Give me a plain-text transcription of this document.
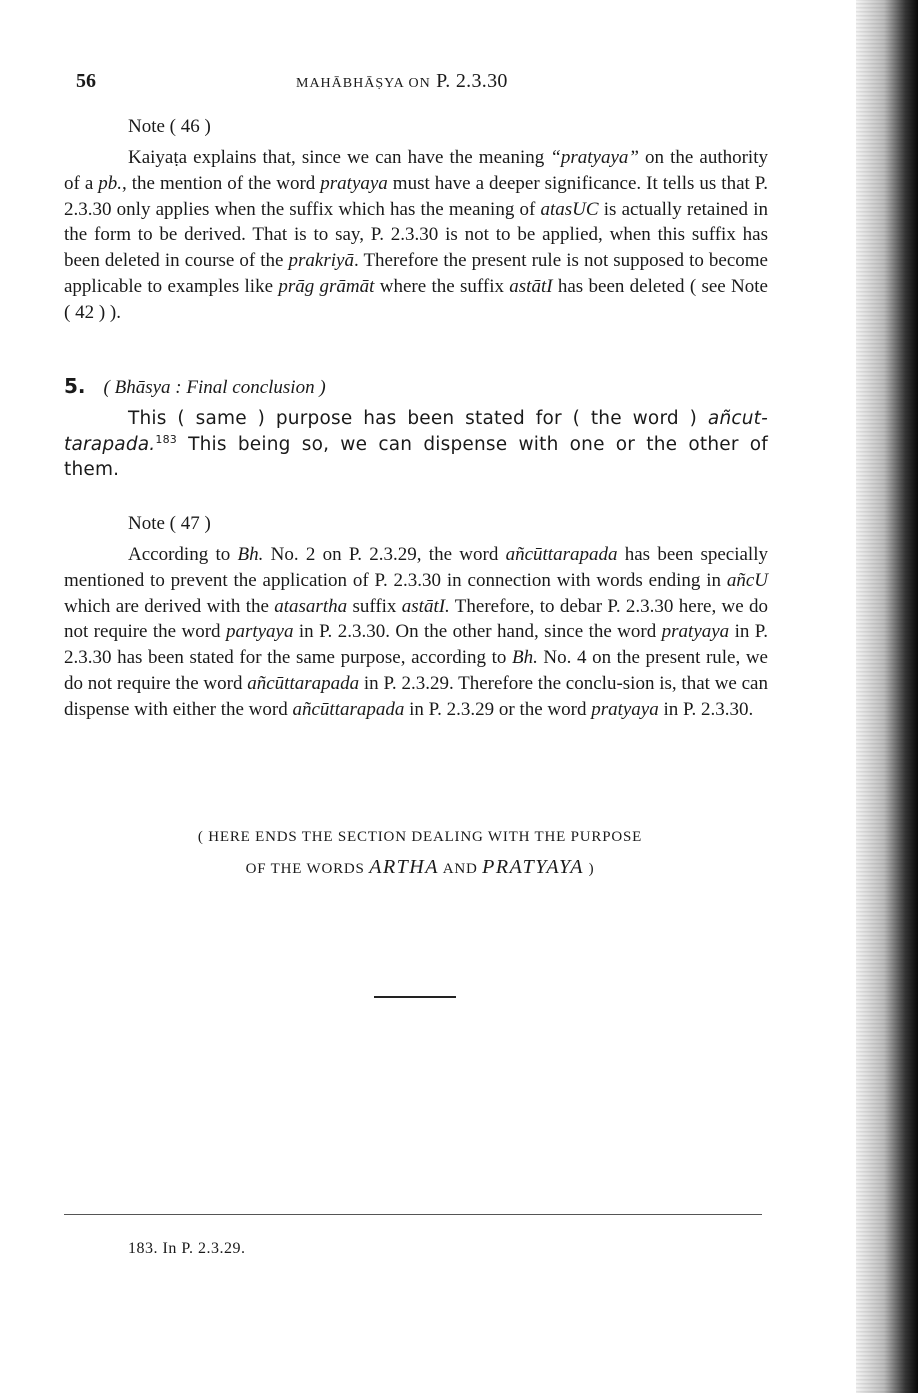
56	MAHĀBHĀṢYA ON P. 2.3.30
Note ( 46 )

Kaiyaṭa explains that, since we can have the meaning “pratyaya” on the authority of a pb., the mention of the word pratyaya must have a deeper significance. It tells us that P. 2.3.30 only applies when the suffix which has the meaning of atasUC is actually retained in the form to be derived. That is to say, P. 2.3.30 is not to be applied, when this suffix has been deleted in course of the prakriyā. Therefore the present rule is not supposed to become applicable to examples like prāg grāmāt where the suffix astātI has been deleted ( see Note ( 42 ) ).

5. ( Bhāsya : Final conclusion )

This ( same ) purpose has been stated for ( the word ) añcut-tarapada.$^{183}$ This being so, we can dispense with one or the other of them.

Note ( 47 )

According to Bh. No. 2 on P. 2.3.29, the word añcūttarapada has been specially mentioned to prevent the application of P. 2.3.30 in connection with words ending in añcU which are derived with the atasartha suffix astātI. Therefore, to debar P. 2.3.30 here, we do not require the word partyaya in P. 2.3.30. On the other hand, since the word pratyaya in P. 2.3.30 has been stated for the same purpose, according to Bh. No. 4 on the present rule, we do not require the word añcūttarapada in P. 2.3.29. Therefore the conclu-sion is, that we can dispense with either the word añcūttarapada in P. 2.3.29 or the word pratyaya in P. 2.3.30.

( HERE ENDS THE SECTION DEALING WITH THE PURPOSE
OF THE WORDS ARTHA AND PRATYAYA )
183. In P. 2.3.29.
